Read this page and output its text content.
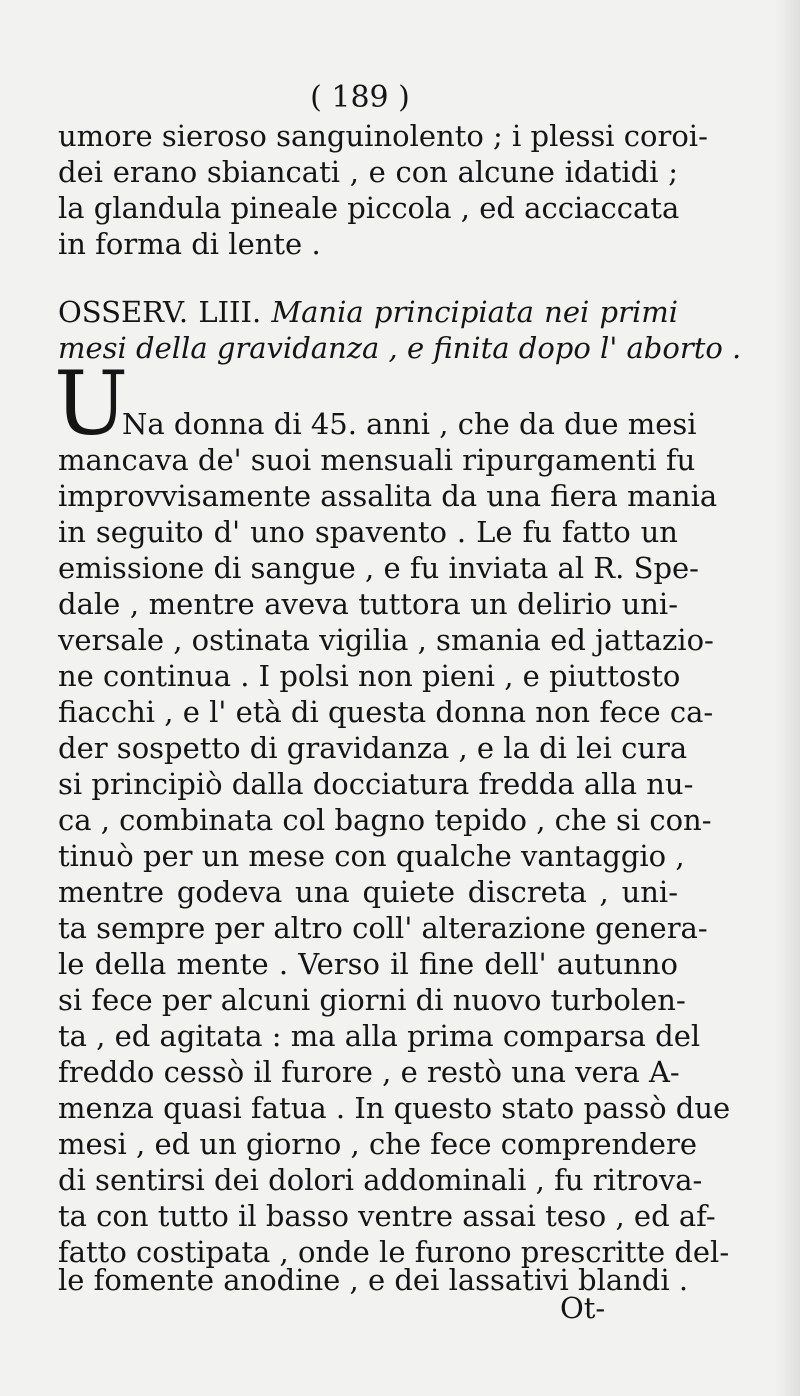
( 189 )
umore sieroso sanguinolento ; i plessi coroi-
dei erano sbiancati , e con alcune idatidi ;
la glandula pineale piccola , ed acciaccata
in forma di lente .
OSSERV. LIII. Mania principiata nei primi
mesi della gravidanza , e finita dopo l' aborto .
U
Na donna di 45. anni , che da due mesi
mancava de' suoi mensuali ripurgamenti fu
improvvisamente assalita da una fiera mania
in seguito d' uno spavento . Le fu fatto un
emissione di sangue , e fu inviata al R. Spe-
dale , mentre aveva tuttora un delirio uni-
versale , ostinata vigilia , smania ed jattazio-
ne continua . I polsi non pieni , e piuttosto
fiacchi , e l' età di questa donna non fece ca-
der sospetto di gravidanza , e la di lei cura
si principiò dalla docciatura fredda alla nu-
ca , combinata col bagno tepido , che si con-
tinuò per un mese con qualche vantaggio ,
mentre godeva una quiete discreta , uni-
ta sempre per altro coll' alterazione genera-
le della mente . Verso il fine dell' autunno
si fece per alcuni giorni di nuovo turbolen-
ta , ed agitata : ma alla prima comparsa del
freddo cessò il furore , e restò una vera A-
menza quasi fatua . In questo stato passò due
mesi , ed un giorno , che fece comprendere
di sentirsi dei dolori addominali , fu ritrova-
ta con tutto il basso ventre assai teso , ed af-
fatto costipata , onde le furono prescritte del-
le fomente anodine , e dei lassativi blandi .
Ot-
